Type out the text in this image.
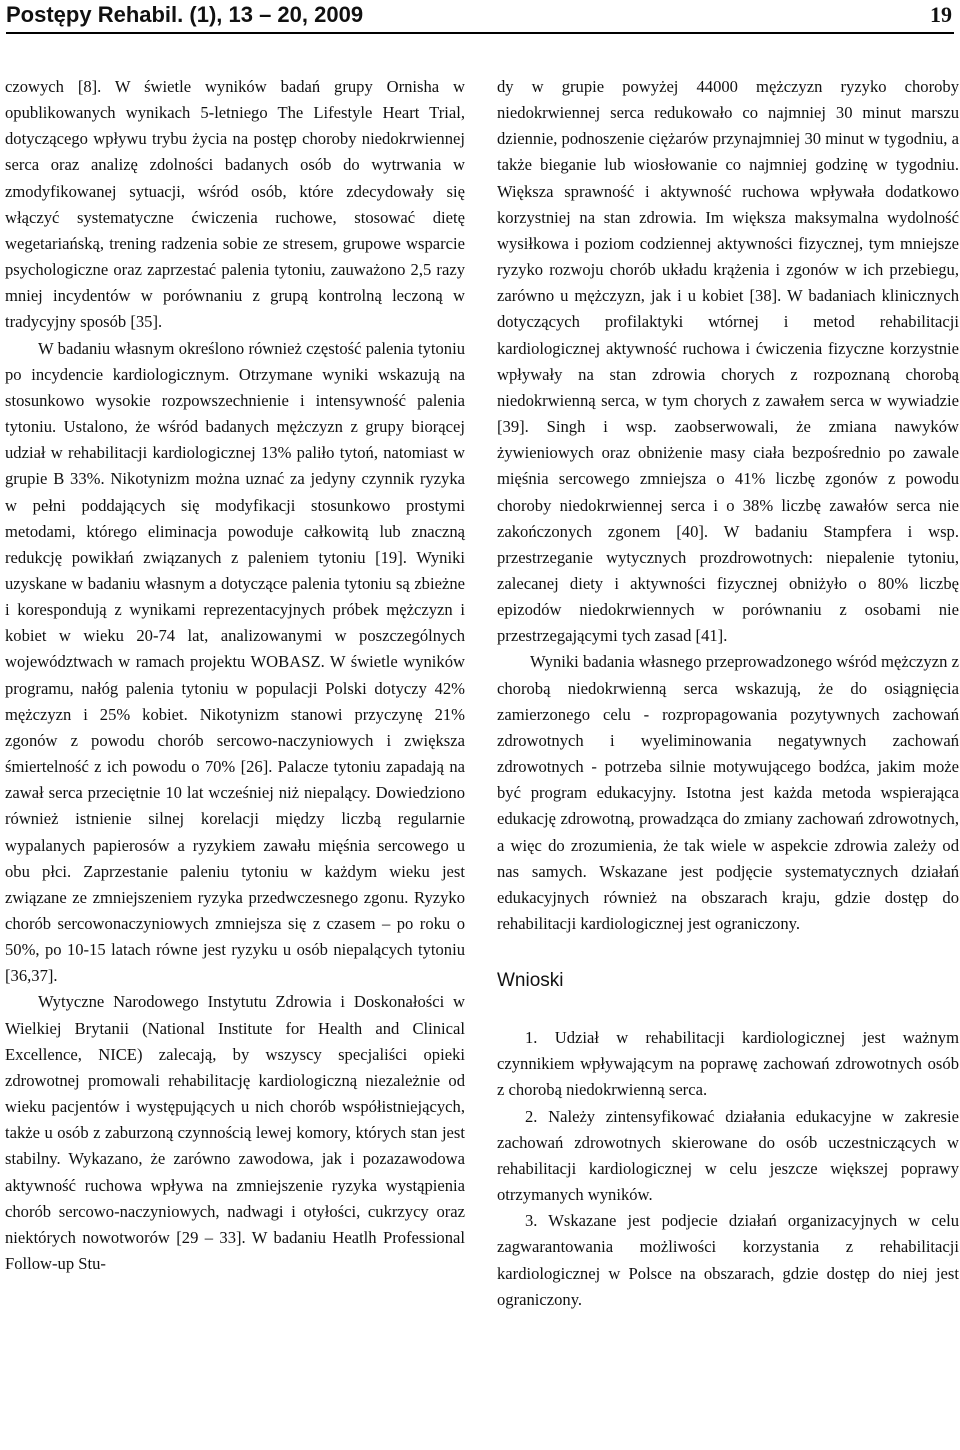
Postępy Rehabil. (1), 13 – 20, 2009	19

czowych [8]. W świetle wyników badań grupy Ornisha w opublikowanych wynikach 5-letniego The Lifestyle Heart Trial, dotyczącego wpływu trybu życia na postęp choroby niedokrwiennej serca oraz analizę zdolności badanych osób do wytrwania w zmodyfikowanej sytuacji, wśród osób, które zdecydowały się włączyć systematyczne ćwiczenia ruchowe, stosować dietę wegetariańską, trening radzenia sobie ze stresem, grupowe wsparcie psychologiczne oraz zaprzestać palenia tytoniu, zauważono 2,5 razy mniej incydentów w porównaniu z grupą kontrolną leczoną w tradycyjny sposób [35].

W badaniu własnym określono również częstość palenia tytoniu po incydencie kardiologicznym. Otrzymane wyniki wskazują na stosunkowo wysokie rozpowszechnienie i intensywność palenia tytoniu. Ustalono, że wśród badanych mężczyzn z grupy biorącej udział w rehabilitacji kardiologicznej 13% paliło tytoń, natomiast w grupie B 33%. Nikotynizm można uznać za jedyny czynnik ryzyka w pełni poddających się modyfikacji stosunkowo prostymi metodami, którego eliminacja powoduje całkowitą lub znaczną redukcję powikłań związanych z paleniem tytoniu [19]. Wyniki uzyskane w badaniu własnym a dotyczące palenia tytoniu są zbieżne i korespondują z wynikami reprezentacyjnych próbek mężczyzn i kobiet w wieku 20-74 lat, analizowanymi w poszczególnych województwach w ramach projektu WOBASZ. W świetle wyników programu, nałóg palenia tytoniu w populacji Polski dotyczy 42% mężczyzn i 25% kobiet. Nikotynizm stanowi przyczynę 21% zgonów z powodu chorób sercowo-naczyniowych i zwiększa śmiertelność z ich powodu o 70% [26]. Palacze tytoniu zapadają na zawał serca przeciętnie 10 lat wcześniej niż niepalący. Dowiedziono również istnienie silnej korelacji między liczbą regularnie wypalanych papierosów a ryzykiem zawału mięśnia sercowego u obu płci. Zaprzestanie paleniu tytoniu w każdym wieku jest związane ze zmniejszeniem ryzyka przedwczesnego zgonu. Ryzyko chorób sercowonaczyniowych zmniejsza się z czasem – po roku o 50%, po 10-15 latach równe jest ryzyku u osób niepalących tytoniu [36,37].

Wytyczne Narodowego Instytutu Zdrowia i Doskonałości w Wielkiej Brytanii (National Institute for Health and Clinical Excellence, NICE) zalecają, by wszyscy specjaliści opieki zdrowotnej promowali rehabilitację kardiologiczną niezależnie od wieku pacjentów i występujących u nich chorób współistniejących, także u osób z zaburzoną czynnością lewej komory, których stan jest stabilny. Wykazano, że zarówno zawodowa, jak i pozazawodowa aktywność ruchowa wpływa na zmniejszenie ryzyka wystąpienia chorób sercowo-naczyniowych, nadwagi i otyłości, cukrzycy oraz niektórych nowotworów [29 – 33]. W badaniu Heatlh Professional Follow-up Stu-

dy w grupie powyżej 44000 mężczyzn ryzyko choroby niedokrwiennej serca redukowało co najmniej 30 minut marszu dziennie, podnoszenie ciężarów przynajmniej 30 minut w tygodniu, a także bieganie lub wiosłowanie co najmniej godzinę w tygodniu. Większa sprawność i aktywność ruchowa wpływała dodatkowo korzystniej na stan zdrowia. Im większa maksymalna wydolność wysiłkowa i poziom codziennej aktywności fizycznej, tym mniejsze ryzyko rozwoju chorób układu krążenia i zgonów w ich przebiegu, zarówno u mężczyzn, jak i u kobiet [38]. W badaniach klinicznych dotyczących profilaktyki wtórnej i metod rehabilitacji kardiologicznej aktywność ruchowa i ćwiczenia fizyczne korzystnie wpływały na stan zdrowia chorych z rozpoznaną chorobą niedokrwienną serca, w tym chorych z zawałem serca w wywiadzie [39]. Singh i wsp. zaobserwowali, że zmiana nawyków żywieniowych oraz obniżenie masy ciała bezpośrednio po zawale mięśnia sercowego zmniejsza o 41% liczbę zgonów z powodu choroby niedokrwiennej serca i o 38% liczbę zawałów serca nie zakończonych zgonem [40]. W badaniu Stampfera i wsp. przestrzeganie wytycznych prozdrowotnych: niepalenie tytoniu, zalecanej diety i aktywności fizycznej obniżyło o 80% liczbę epizodów niedokrwiennych w porównaniu z osobami nie przestrzegającymi tych zasad [41].

Wyniki badania własnego przeprowadzonego wśród mężczyzn z chorobą niedokrwienną serca wskazują, że do osiągnięcia zamierzonego celu - rozpropagowania pozytywnych zachowań zdrowotnych i wyeliminowania negatywnych zachowań zdrowotnych - potrzeba silnie motywującego bodźca, jakim może być program edukacyjny. Istotna jest każda metoda wspierająca edukację zdrowotną, prowadząca do zmiany zachowań zdrowotnych, a więc do zrozumienia, że tak wiele w aspekcie zdrowia zależy od nas samych. Wskazane jest podjęcie systematycznych działań edukacyjnych również na obszarach kraju, gdzie dostęp do rehabilitacji kardiologicznej jest ograniczony.

Wnioski

1. Udział w rehabilitacji kardiologicznej jest ważnym czynnikiem wpływającym na poprawę zachowań zdrowotnych osób z chorobą niedokrwienną serca.

2. Należy zintensyfikować działania edukacyjne w zakresie zachowań zdrowotnych skierowane do osób uczestniczących w rehabilitacji kardiologicznej w celu jeszcze większej poprawy otrzymanych wyników.

3. Wskazane jest podjecie działań organizacyjnych w celu zagwarantowania możliwości korzystania z rehabilitacji kardiologicznej w Polsce na obszarach, gdzie dostęp do niej jest ograniczony.
